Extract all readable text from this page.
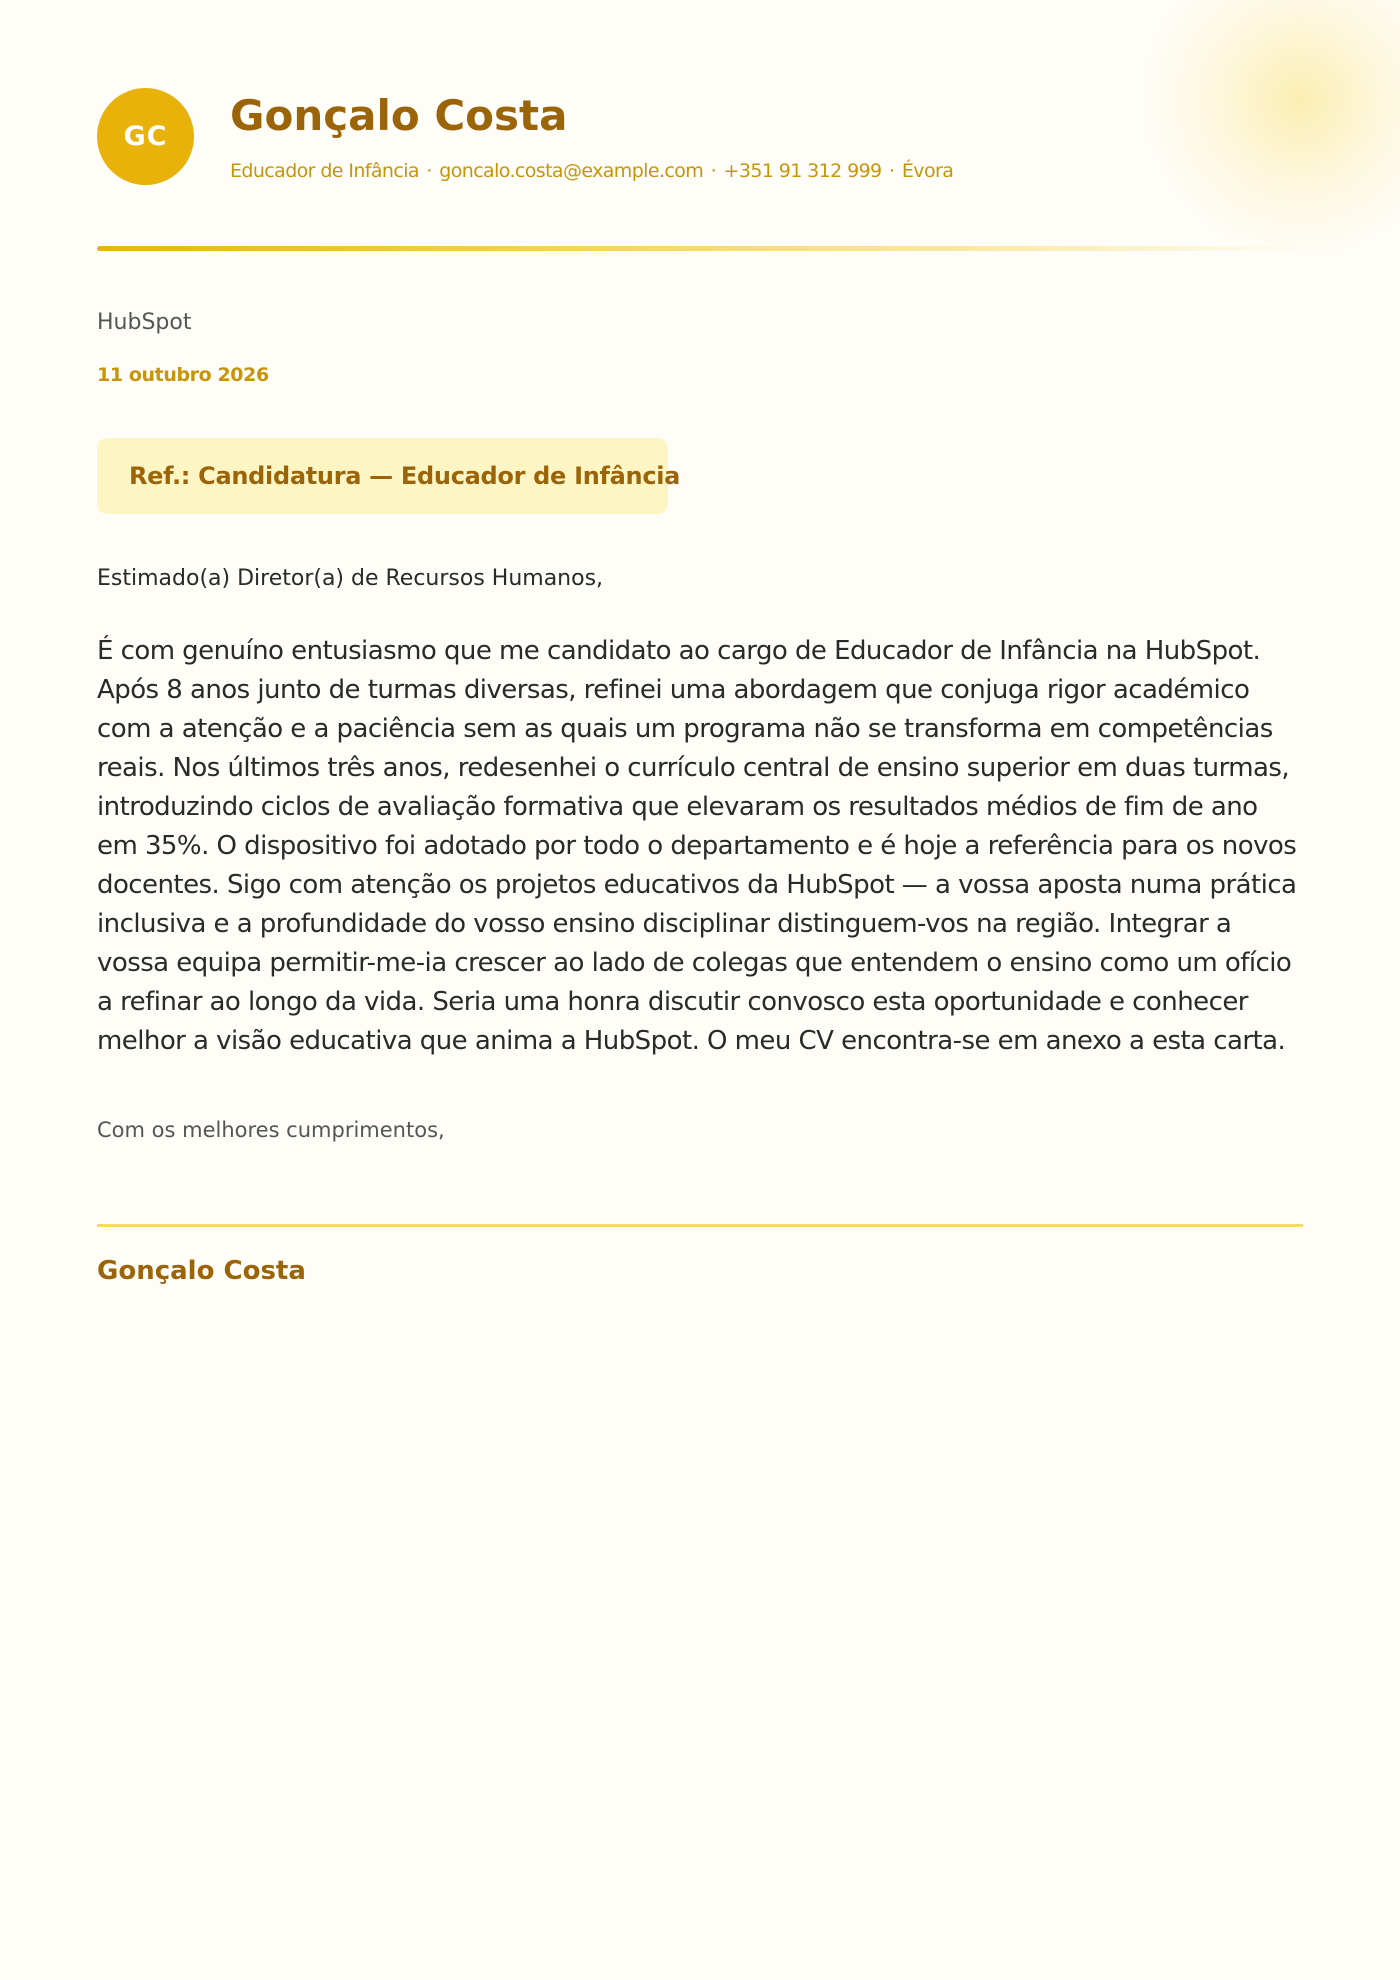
GC	Gonçalo Costa
Educador de Infância · goncalo.costa@example.com · +351 91 312 999 · Évora
HubSpot
11 outubro 2026
Ref.: Candidatura — Educador de Infância
Estimado(a) Diretor(a) de Recursos Humanos,

É com genuíno entusiasmo que me candidato ao cargo de Educador de Infância na HubSpot. Após 8 anos junto de turmas diversas, refinei uma abordagem que conjuga rigor académico com a atenção e a paciência sem as quais um programa não se transforma em competências reais. Nos últimos três anos, redesenhei o currículo central de ensino superior em duas turmas, introduzindo ciclos de avaliação formativa que elevaram os resultados médios de fim de ano em 35%. O dispositivo foi adotado por todo o departamento e é hoje a referência para os novos docentes. Sigo com atenção os projetos educativos da HubSpot — a vossa aposta numa prática inclusiva e a profundidade do vosso ensino disciplinar distinguem-vos na região. Integrar a vossa equipa permitir-me-ia crescer ao lado de colegas que entendem o ensino como um ofício a refinar ao longo da vida. Seria uma honra discutir convosco esta oportunidade e conhecer melhor a visão educativa que anima a HubSpot. O meu CV encontra-se em anexo a esta carta.

Com os melhores cumprimentos,
Gonçalo Costa
